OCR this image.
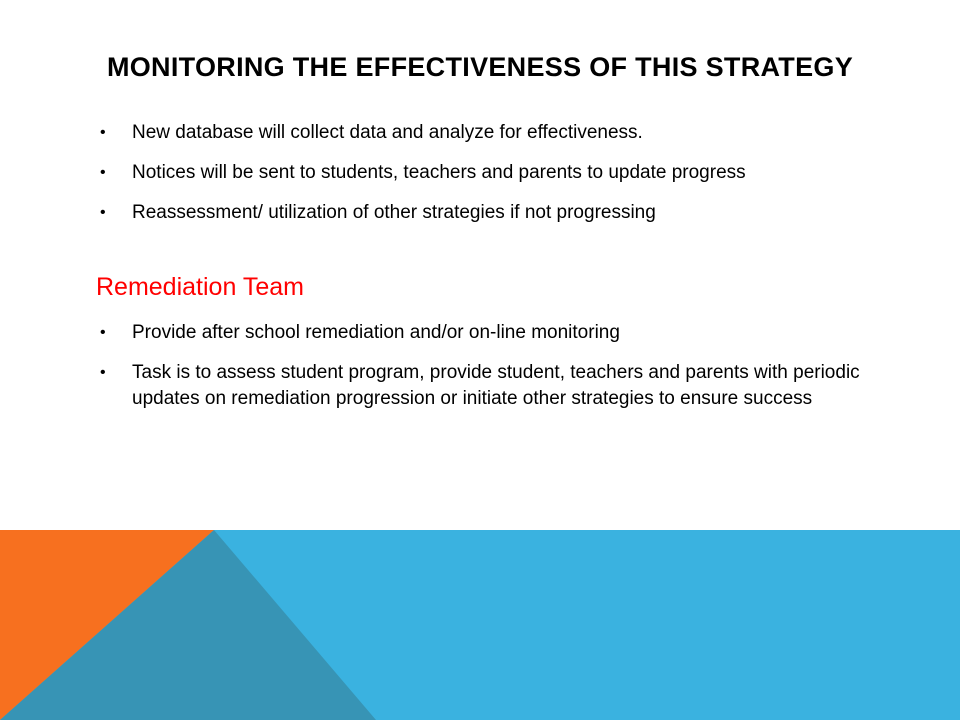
MONITORING THE EFFECTIVENESS OF THIS STRATEGY
• New database will collect data and analyze for effectiveness.
• Notices will be sent to students, teachers and parents to update progress
• Reassessment/ utilization of other strategies if not progressing
Remediation Team
• Provide after school remediation and/or on-line monitoring
• Task is to assess student program, provide student, teachers and parents with periodic updates on remediation progression or initiate other strategies to ensure success
